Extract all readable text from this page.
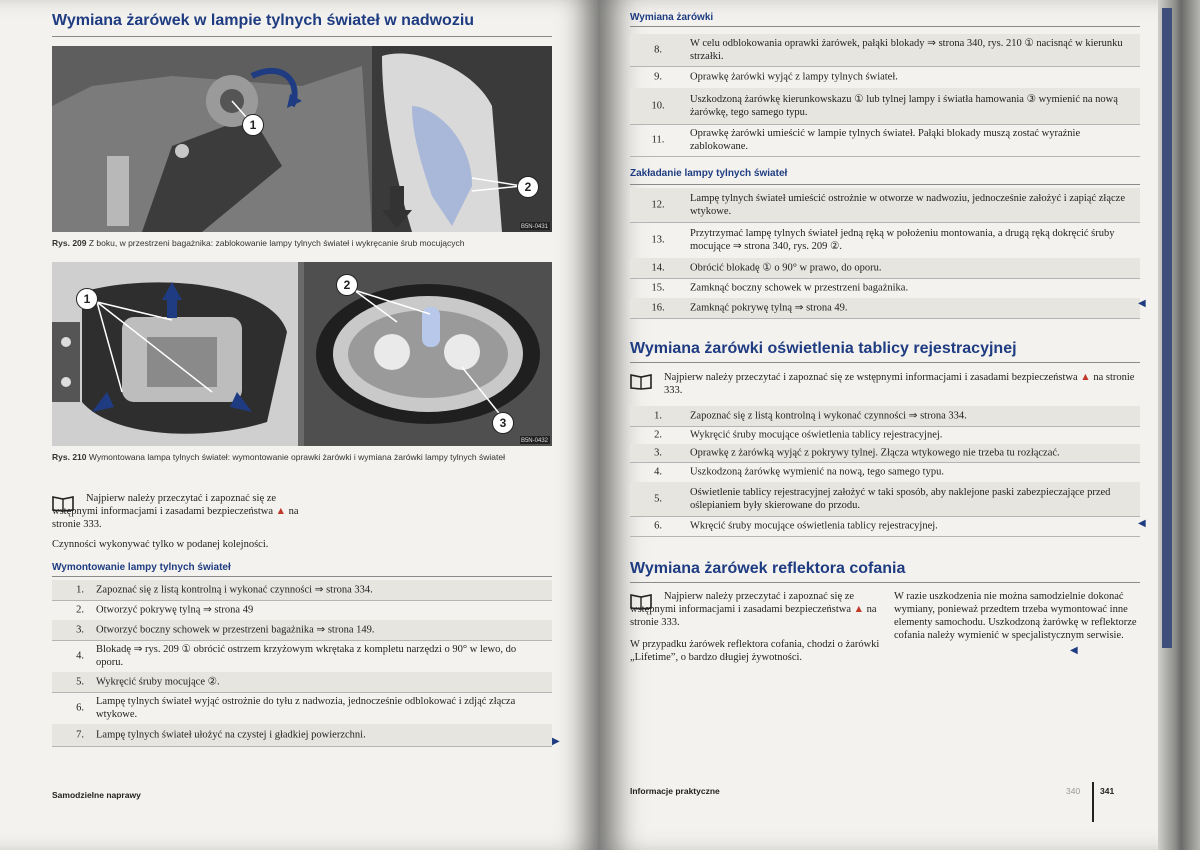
Wymiana żarówek w lampie tylnych świateł w nadwoziu
1
2
B5N-0431
Rys. 209 Z boku, w przestrzeni bagażnika: zablokowanie lampy tylnych świateł i wykręcanie śrub mocujących
1
2
3
B5N-0432
Rys. 210 Wymontowana lampa tylnych świateł: wymontowanie oprawki żarówki i wymiana żarówki lampy tylnych świateł
Najpierw należy przeczytać i zapoznać się ze wstępnymi informacjami i zasadami bezpieczeństwa ▲ na stronie 333.
Czynności wykonywać tylko w podanej kolejności.
Wymontowanie lampy tylnych świateł
1.	Zapoznać się z listą kontrolną i wykonać czynności ⇒ strona 334.
2.	Otworzyć pokrywę tylną ⇒ strona 49
3.	Otworzyć boczny schowek w przestrzeni bagażnika ⇒ strona 149.
4.
Blokadę ⇒ rys. 209 ① obrócić ostrzem krzyżowym wkrętaka z kompletu narzędzi o 90° w lewo, do oporu.
5.	Wykręcić śruby mocujące ②.
6.
Lampę tylnych świateł wyjąć ostrożnie do tyłu z nadwozia, jednocześnie odblokować i zdjąć złącza wtykowe.
7.	Lampę tylnych świateł ułożyć na czystej i gładkiej powierzchni.
▶
Samodzielne naprawy
Wymiana żarówki
8.
W celu odblokowania oprawki żarówek, pałąki blokady ⇒ strona 340, rys. 210 ① nacisnąć w kierunku strzałki.
9.	Oprawkę żarówki wyjąć z lampy tylnych świateł.
10.
Uszkodzoną żarówkę kierunkowskazu ① lub tylnej lampy i światła hamowania ③ wymienić na nową żarówkę, tego samego typu.
11.
Oprawkę żarówki umieścić w lampie tylnych świateł. Pałąki blokady muszą zostać wyraźnie zablokowane.
Zakładanie lampy tylnych świateł
12.
Lampę tylnych świateł umieścić ostrożnie w otworze w nadwoziu, jednocześnie założyć i zapiąć złącze wtykowe.
13.
Przytrzymać lampę tylnych świateł jedną ręką w położeniu montowania, a drugą ręką dokręcić śruby mocujące ⇒ strona 340, rys. 209 ②.
14.	Obrócić blokadę ① o 90° w prawo, do oporu.
15.	Zamknąć boczny schowek w przestrzeni bagażnika.
16.	Zamknąć pokrywę tylną ⇒ strona 49.	◀
Wymiana żarówki oświetlenia tablicy rejestracyjnej
Najpierw należy przeczytać i zapoznać się ze wstępnymi informacjami i zasadami bezpieczeństwa ▲ na stronie 333.
1.	Zapoznać się z listą kontrolną i wykonać czynności ⇒ strona 334.
2.	Wykręcić śruby mocujące oświetlenia tablicy rejestracyjnej.
3.	Oprawkę z żarówką wyjąć z pokrywy tylnej. Złącza wtykowego nie trzeba tu rozłączać.
4.	Uszkodzoną żarówkę wymienić na nową, tego samego typu.
5.
Oświetlenie tablicy rejestracyjnej założyć w taki sposób, aby naklejone paski zabezpieczające przed oślepianiem były skierowane do przodu.
6.	Wkręcić śruby mocujące oświetlenia tablicy rejestracyjnej.	◀
Wymiana żarówek reflektora cofania
Najpierw należy przeczytać i zapoznać się ze wstępnymi informacjami i zasadami bezpieczeństwa ▲ na stronie 333.
W przypadku żarówek reflektora cofania, chodzi o żarówki „Lifetime”, o bardzo długiej żywotności.
W razie uszkodzenia nie można samodzielnie dokonać wymiany, ponieważ przedtem trzeba wymontować inne elementy samochodu. Uszkodzoną żarówkę w reflektorze cofania należy wymienić w specjalistycznym serwisie.
◀
Informacje praktyczne	340 341
